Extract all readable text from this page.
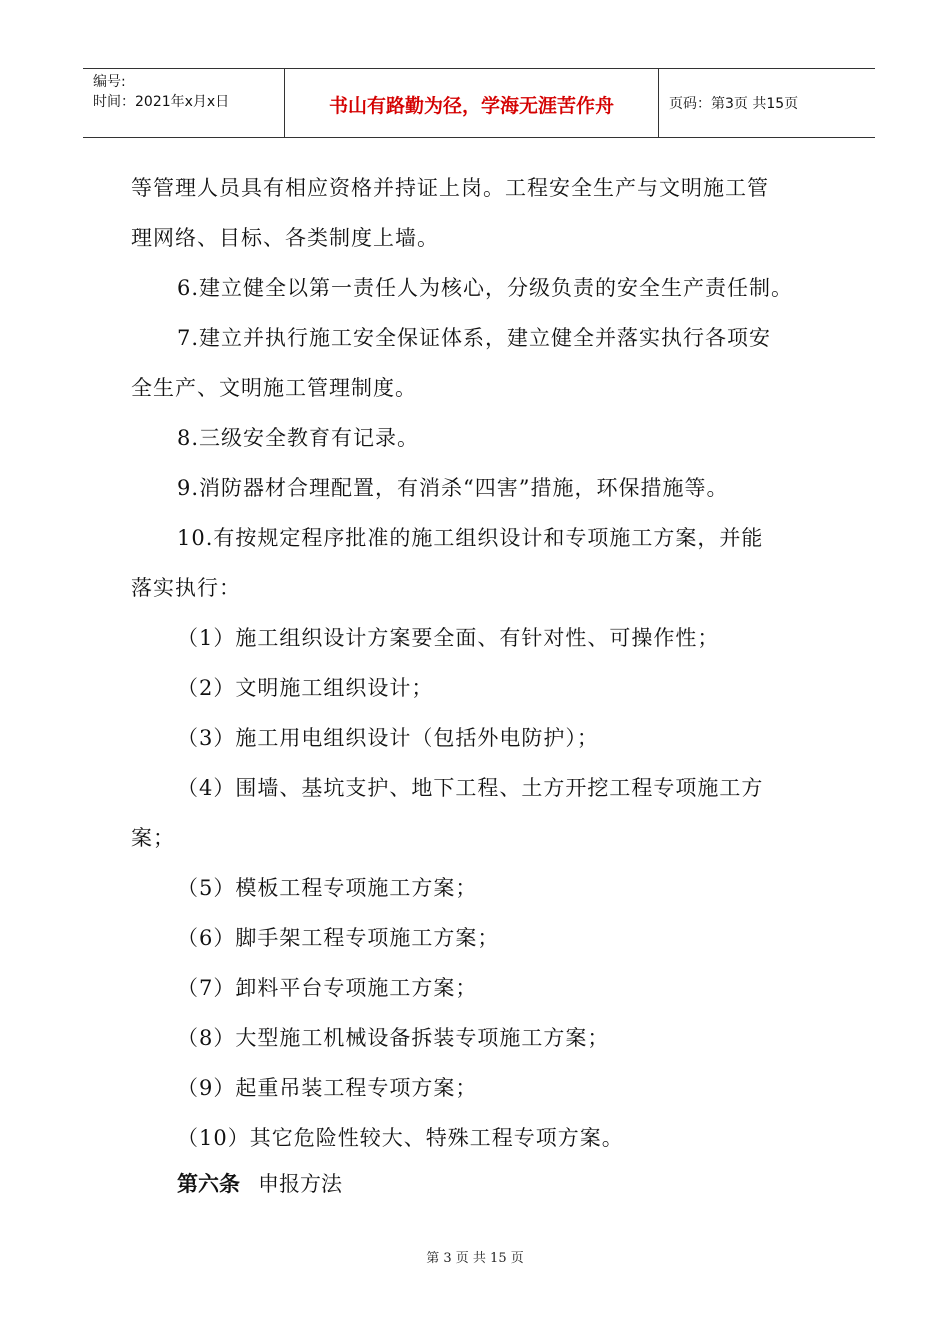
编号:
时间：2021年x月x日	书山有路勤为径，学海无涯苦作舟	页码：第3页 共15页
等管理人员具有相应资格并持证上岗。工程安全生产与文明施工管
理网络、目标、各类制度上墙。
6.建立健全以第一责任人为核心，分级负责的安全生产责任制。
7.建立并执行施工安全保证体系，建立健全并落实执行各项安
全生产、文明施工管理制度。
8.三级安全教育有记录。
9.消防器材合理配置，有消杀“四害”措施，环保措施等。
10.有按规定程序批准的施工组织设计和专项施工方案，并能
落实执行：
（1）施工组织设计方案要全面、有针对性、可操作性；
（2）文明施工组织设计；
（3）施工用电组织设计（包括外电防护）；
（4）围墙、基坑支护、地下工程、土方开挖工程专项施工方
案；
（5）模板工程专项施工方案；
（6）脚手架工程专项施工方案；
（7）卸料平台专项施工方案；
（8）大型施工机械设备拆装专项施工方案；
（9）起重吊装工程专项方案；
（10）其它危险性较大、特殊工程专项方案。
第六条 申报方法
第 3 页 共 15 页
